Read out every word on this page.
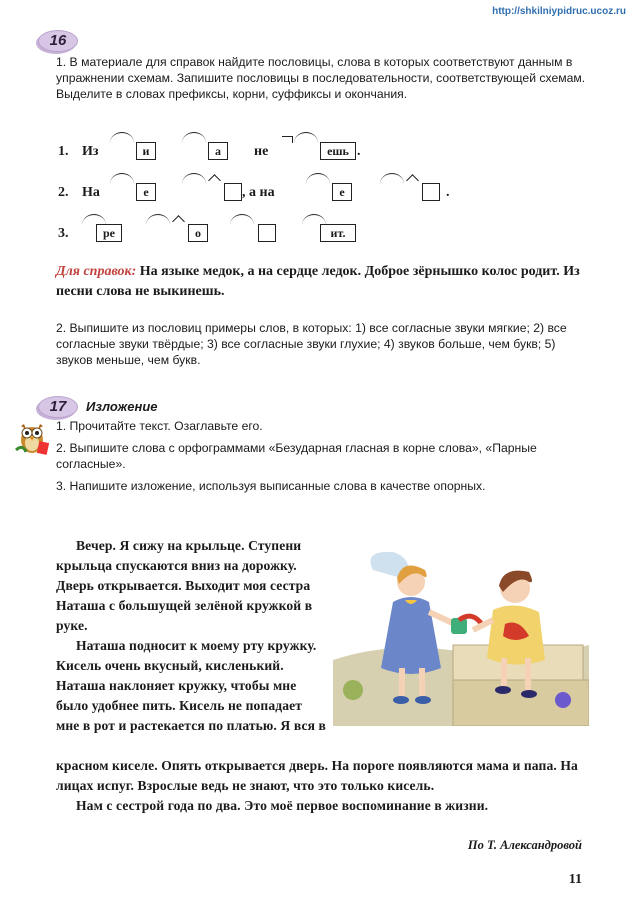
http://shkilniypidruc.ucoz.ru
16

1. В материале для справок найдите пословицы, слова в которых соответствуют данным в упражнении схемам. Запишите пословицы в последовательности, соответствующей схемам. Выделите в словах префиксы, корни, суффиксы и окончания.

1. Из	и	а	не	ешь .
2. На	е	, а на	е	.
3.	ре	о	ит.
Для справок: На языке медок, а на сердце ледок. Доброе зёрнышко колос родит. Из песни слова не выкинешь.

2. Выпишите из пословиц примеры слов, в которых: 1) все согласные звуки мягкие; 2) все согласные звуки твёрдые; 3) все согласные звуки глухие; 4) звуков больше, чем букв; 5) звуков меньше, чем букв.

17	Изложение

1. Прочитайте текст. Озаглавьте его.

2. Выпишите слова с орфограммами «Безударная гласная в корне слова», «Парные согласные».

3. Напишите изложение, используя выписанные слова в качестве опорных.

Вечер. Я сижу на крыльце. Ступени крыльца спускаются вниз на дорожку. Дверь открывается. Выходит моя сестра Наташа с большущей зелёной кружкой в руке.

Наташа подносит к моему рту кружку. Кисель очень вкусный, кисленький. Наташа наклоняет кружку, чтобы мне было удобнее пить. Кисель не попадает мне в рот и растекается по платью. Я вся в

красном киселе. Опять открывается дверь. На пороге появляются мама и папа. На лицах испуг. Взрослые ведь не знают, что это только кисель.

Нам с сестрой года по два. Это моё первое воспоминание в жизни.

По Т. Александровой
11
